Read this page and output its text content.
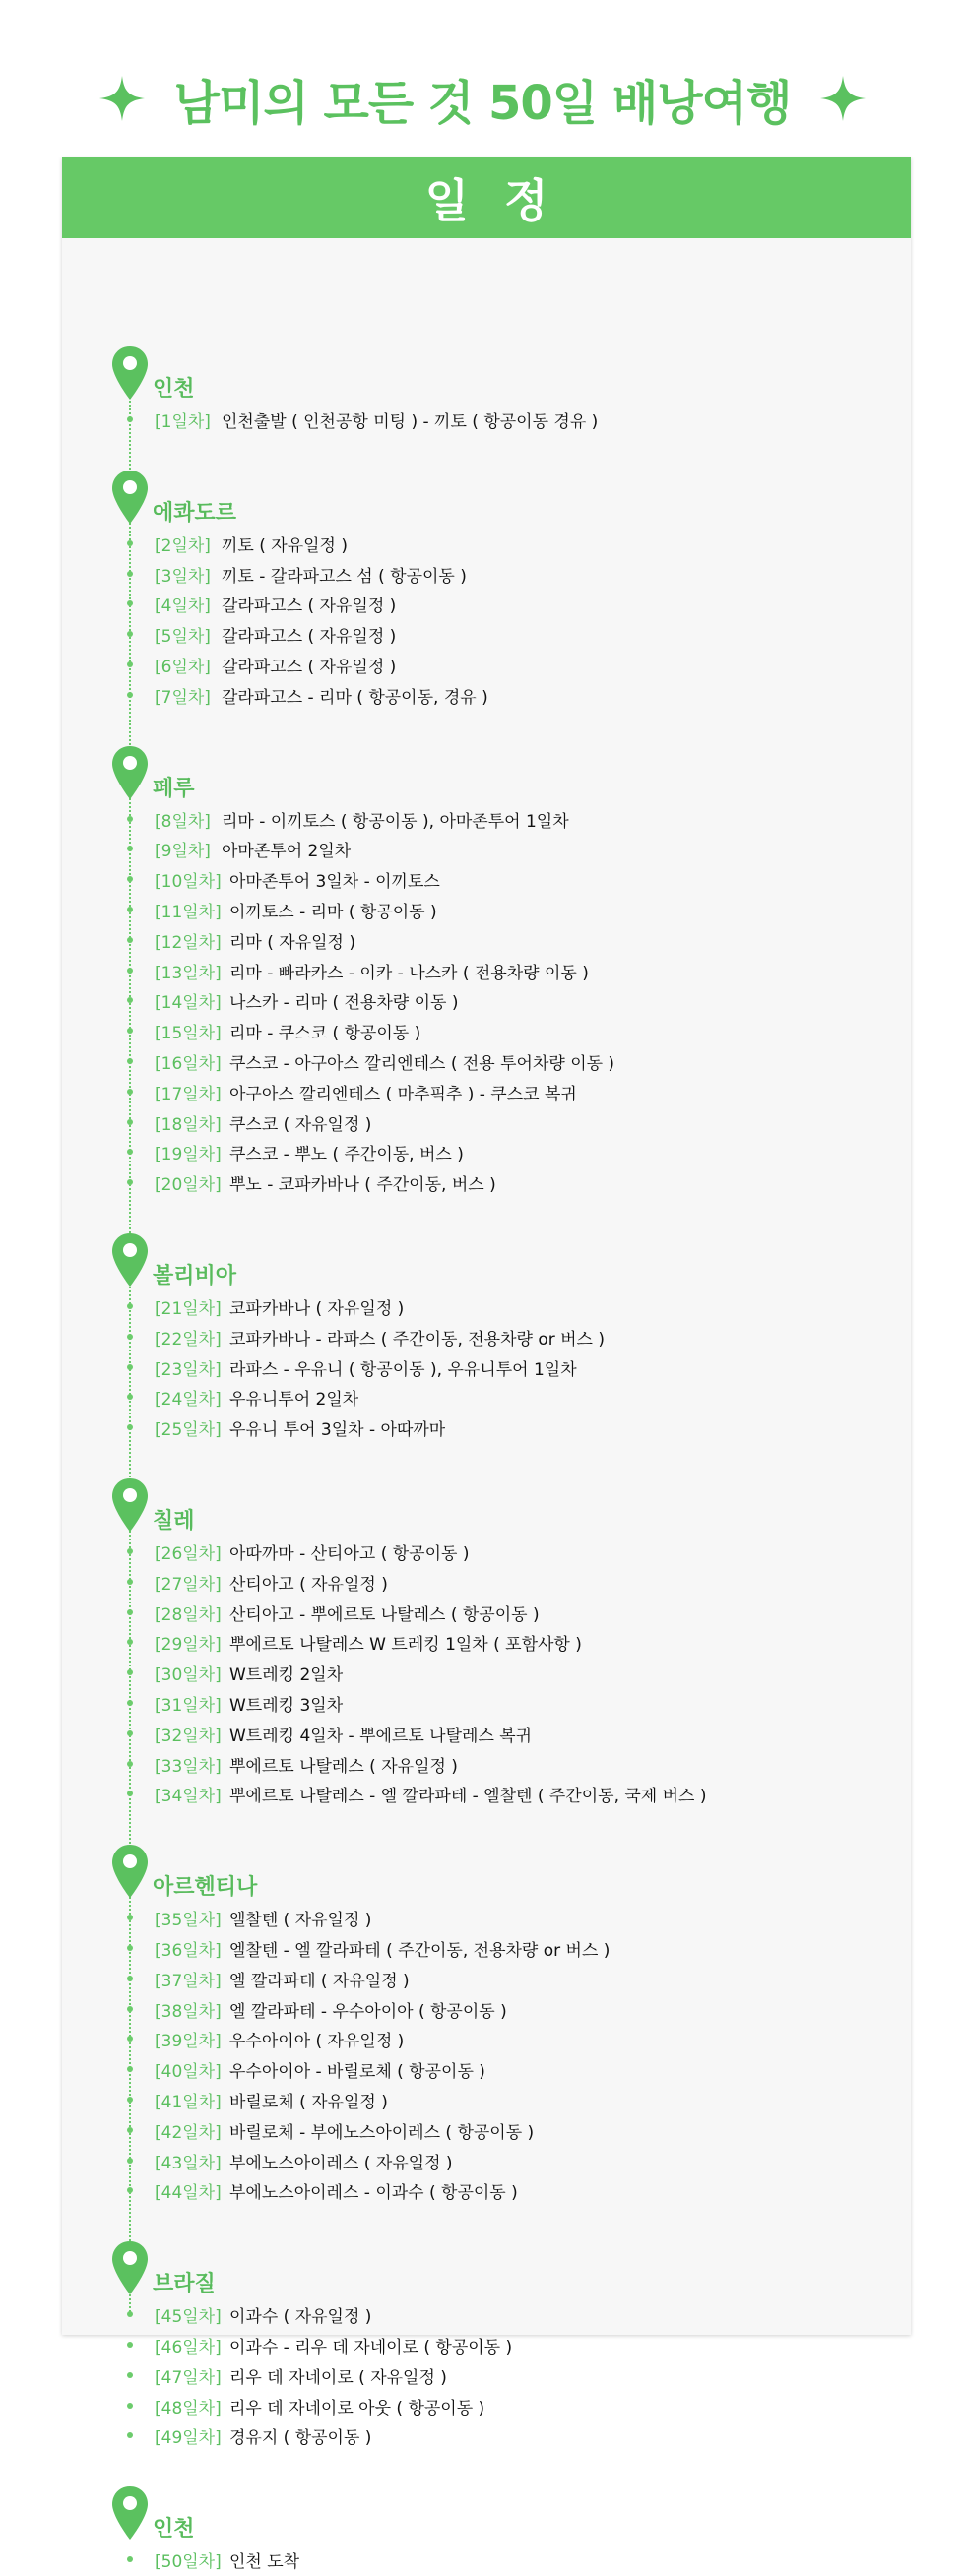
남미의 모든 것 50일 배낭여행
일정
인천
[1일차] 인천출발 ( 인천공항 미팅 ) - 끼토 ( 항공이동 경유 )
에콰도르
[2일차] 끼토 ( 자유일정 )
[3일차] 끼토 - 갈라파고스 섬 ( 항공이동 )
[4일차] 갈라파고스 ( 자유일정 )
[5일차] 갈라파고스 ( 자유일정 )
[6일차] 갈라파고스 ( 자유일정 )
[7일차] 갈라파고스 - 리마 ( 항공이동, 경유 )
페루
[8일차] 리마 - 이끼토스 ( 항공이동 ), 아마존투어 1일차
[9일차] 아마존투어 2일차
[10일차] 아마존투어 3일차 - 이끼토스
[11일차] 이끼토스 - 리마 ( 항공이동 )
[12일차] 리마 ( 자유일정 )
[13일차] 리마 - 빠라카스 - 이카 - 나스카 ( 전용차량 이동 )
[14일차] 나스카 - 리마 ( 전용차량 이동 )
[15일차] 리마 - 쿠스코 ( 항공이동 )
[16일차] 쿠스코 - 아구아스 깔리엔테스 ( 전용 투어차량 이동 )
[17일차] 아구아스 깔리엔테스 ( 마추픽추 ) - 쿠스코 복귀
[18일차] 쿠스코 ( 자유일정 )
[19일차] 쿠스코 - 뿌노 ( 주간이동, 버스 )
[20일차] 뿌노 - 코파카바나 ( 주간이동, 버스 )
볼리비아
[21일차] 코파카바나 ( 자유일정 )
[22일차] 코파카바나 - 라파스 ( 주간이동, 전용차량 or 버스 )
[23일차] 라파스 - 우유니 ( 항공이동 ), 우유니투어 1일차
[24일차] 우유니투어 2일차
[25일차] 우유니 투어 3일차 - 아따까마
칠레
[26일차] 아따까마 - 산티아고 ( 항공이동 )
[27일차] 산티아고 ( 자유일정 )
[28일차] 산티아고 - 뿌에르토 나탈레스 ( 항공이동 )
[29일차] 뿌에르토 나탈레스 W 트레킹 1일차 ( 포함사항 )
[30일차] W트레킹 2일차
[31일차] W트레킹 3일차
[32일차] W트레킹 4일차 - 뿌에르토 나탈레스 복귀
[33일차] 뿌에르토 나탈레스 ( 자유일정 )
[34일차] 뿌에르토 나탈레스 - 엘 깔라파테 - 엘찰텐 ( 주간이동, 국제 버스 )
아르헨티나
[35일차] 엘찰텐 ( 자유일정 )
[36일차] 엘찰텐 - 엘 깔라파테 ( 주간이동, 전용차량 or 버스 )
[37일차] 엘 깔라파테 ( 자유일정 )
[38일차] 엘 깔라파테 - 우수아이아 ( 항공이동 )
[39일차] 우수아이아 ( 자유일정 )
[40일차] 우수아이아 - 바릴로체 ( 항공이동 )
[41일차] 바릴로체 ( 자유일정 )
[42일차] 바릴로체 - 부에노스아이레스 ( 항공이동 )
[43일차] 부에노스아이레스 ( 자유일정 )
[44일차] 부에노스아이레스 - 이과수 ( 항공이동 )
브라질
[45일차] 이과수 ( 자유일정 )
[46일차] 이과수 - 리우 데 자네이로 ( 항공이동 )
[47일차] 리우 데 자네이로 ( 자유일정 )
[48일차] 리우 데 자네이로 아웃 ( 항공이동 )
[49일차] 경유지 ( 항공이동 )
인천
[50일차] 인천 도착
